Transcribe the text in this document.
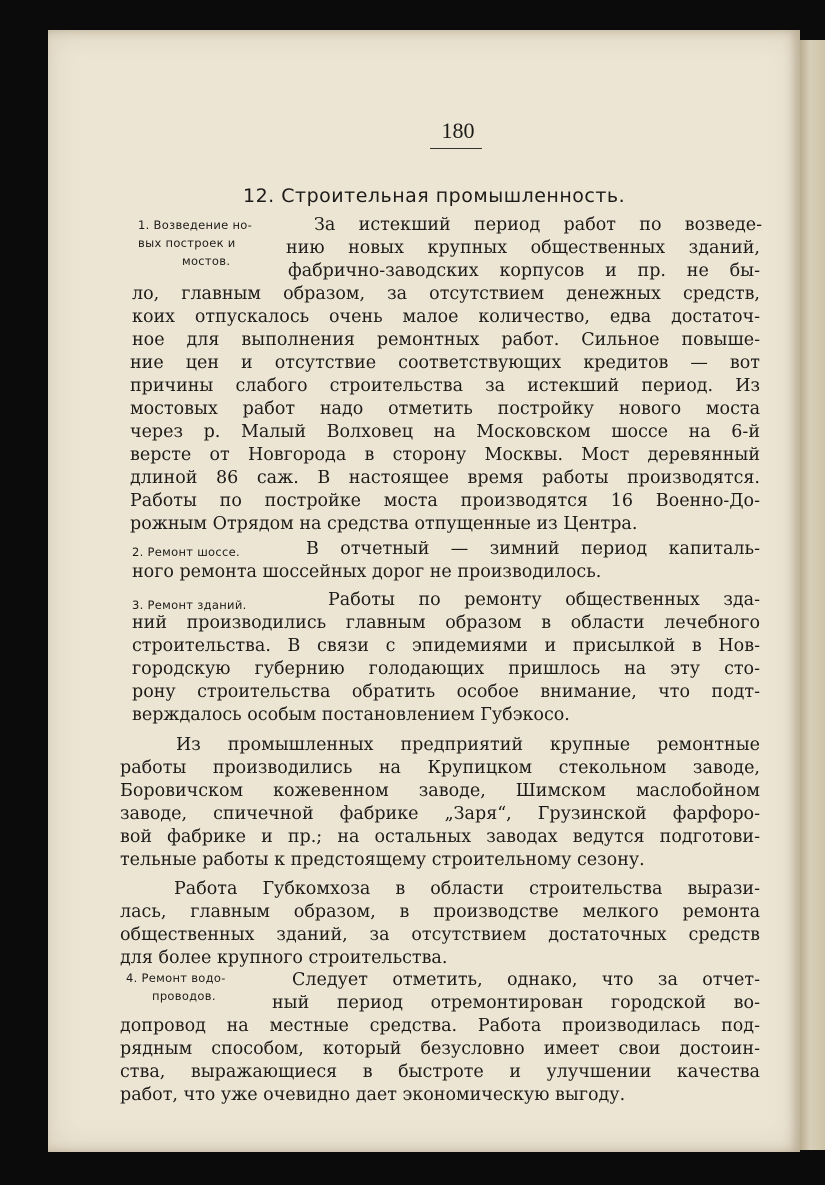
180
12. Строительная промышленность.
1. Возведение но-
вых построек и
мостов.
2. Ремонт шоссе.
3. Ремонт зданий.
4. Ремонт водо-
проводов.
За истекший период работ по возведе-
нию новых крупных общественных зданий,
фабрично-заводских корпусов и пр. не бы-
ло, главным образом, за отсутствием денежных средств,
коих отпускалось очень малое количество, едва достаточ-
ное для выполнения ремонтных работ. Сильное повыше-
ние цен и отсутствие соответствующих кредитов — вот
причины слабого строительства за истекший период. Из
мостовых работ надо отметить постройку нового моста
через р. Малый Волховец на Московском шоссе на 6-й
версте от Новгорода в сторону Москвы. Мост деревянный
длиной 86 саж. В настоящее время работы производятся.
Работы по постройке моста производятся 16 Военно-До-
рожным Отрядом на средства отпущенные из Центра.
В отчетный — зимний период капиталь-
ного ремонта шоссейных дорог не производилось.
Работы по ремонту общественных зда-
ний производились главным образом в области лечебного
строительства. В связи с эпидемиями и присылкой в Нов-
городскую губернию голодающих пришлось на эту сто-
рону строительства обратить особое внимание, что подт-
верждалось особым постановлением Губэкосо.
Из промышленных предприятий крупные ремонтные
работы производились на Крупицком стекольном заводе,
Боровичском кожевенном заводе, Шимском маслобойном
заводе, спичечной фабрике „Заря“, Грузинской фарфоро-
вой фабрике и пр.; на остальных заводах ведутся подготови-
тельные работы к предстоящему строительному сезону.
Работа Губкомхоза в области строительства вырази-
лась, главным образом, в производстве мелкого ремонта
общественных зданий, за отсутствием достаточных средств
для более крупного строительства.
Следует отметить, однако, что за отчет-
ный период отремонтирован городской во-
допровод на местные средства. Работа производилась под-
рядным способом, который безусловно имеет свои достоин-
ства, выражающиеся в быстроте и улучшении качества
работ, что уже очевидно дает экономическую выгоду.
